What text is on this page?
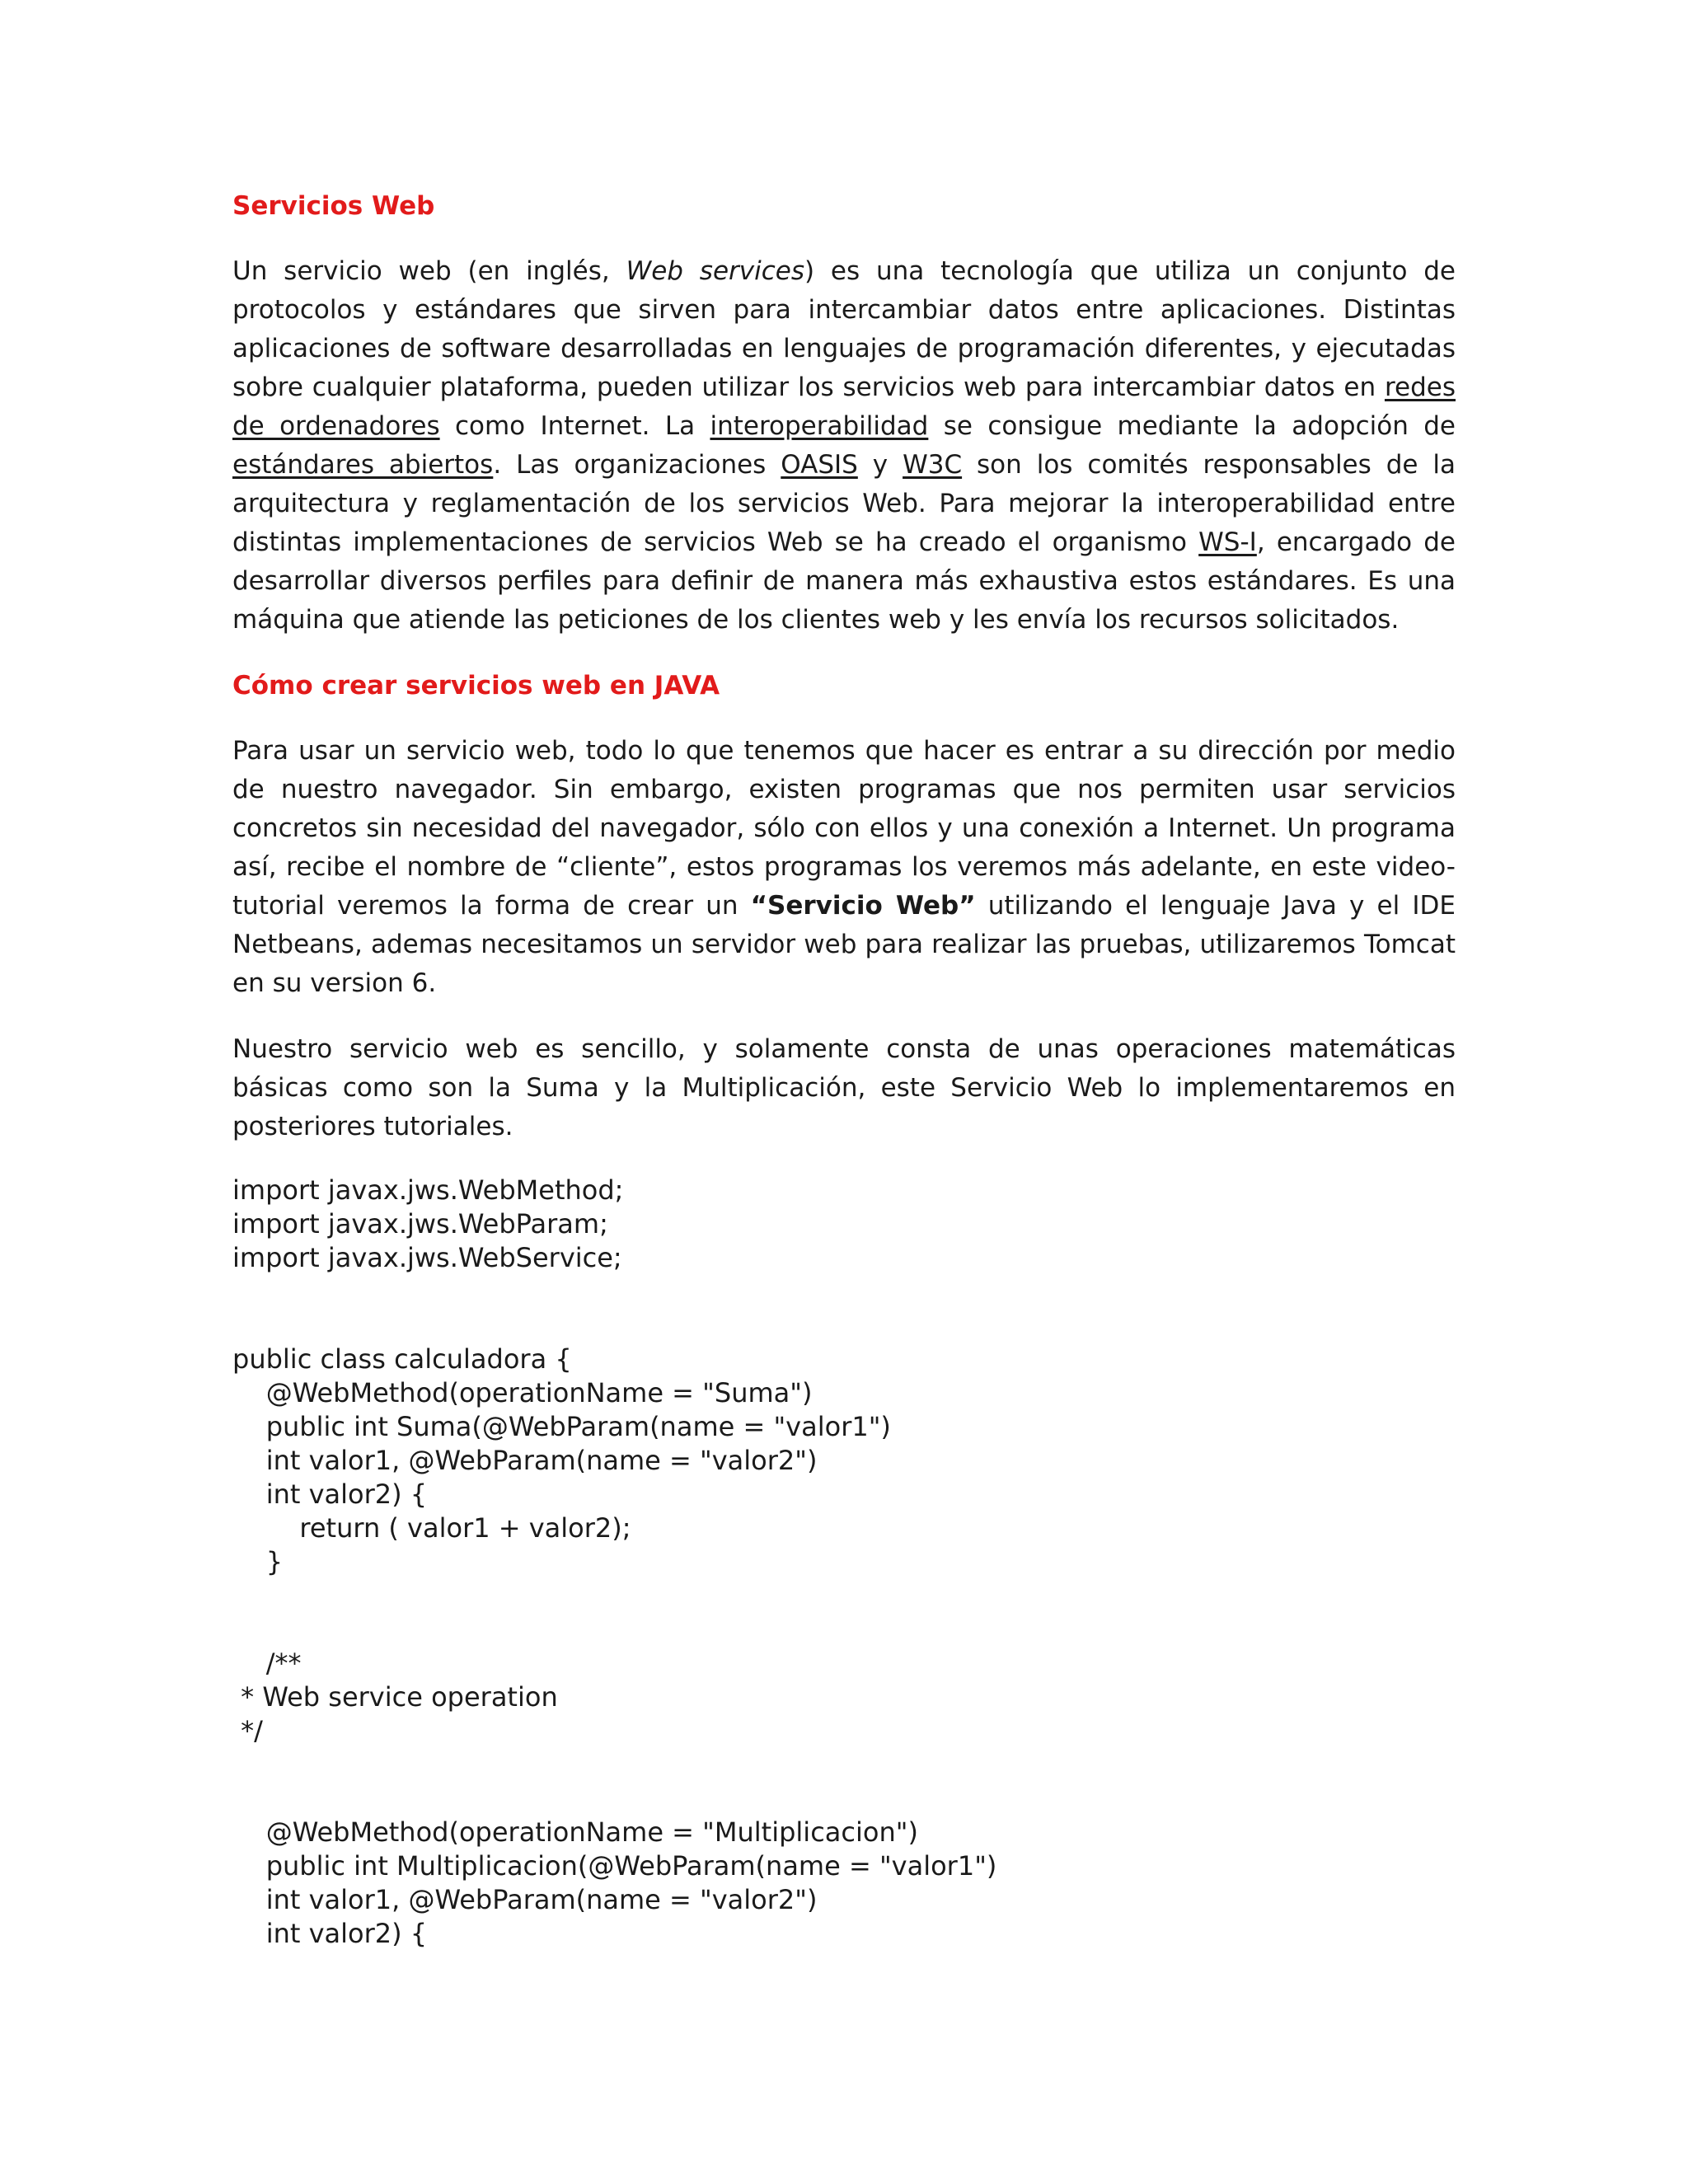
Servicios Web

Un servicio web (en inglés, Web services) es una tecnología que utiliza un conjunto de protocolos y estándares que sirven para intercambiar datos entre aplicaciones. Distintas aplicaciones de software desarrolladas en lenguajes de programación diferentes, y ejecutadas sobre cualquier plataforma, pueden utilizar los servicios web para intercambiar datos en redes de ordenadores como Internet. La interoperabilidad se consigue mediante la adopción de estándares abiertos. Las organizaciones OASIS y W3C son los comités responsables de la arquitectura y reglamentación de los servicios Web. Para mejorar la interoperabilidad entre distintas implementaciones de servicios Web se ha creado el organismo WS-I, encargado de desarrollar diversos perfiles para definir de manera más exhaustiva estos estándares. Es una máquina que atiende las peticiones de los clientes web y les envía los recursos solicitados.

Cómo crear servicios web en JAVA

Para usar un servicio web, todo lo que tenemos que hacer es entrar a su dirección por medio de nuestro navegador. Sin embargo, existen programas que nos permiten usar servicios concretos sin necesidad del navegador, sólo con ellos y una conexión a Internet. Un programa así, recibe el nombre de “cliente”, estos programas los veremos más adelante, en este video-tutorial veremos la forma de crear un “Servicio Web” utilizando el lenguaje Java y el IDE Netbeans, ademas necesitamos un servidor web para realizar las pruebas, utilizaremos Tomcat en su version 6.

Nuestro servicio web es sencillo, y solamente consta de unas operaciones matemáticas básicas como son la Suma y la Multiplicación, este Servicio Web lo implementaremos en posteriores tutoriales.

import javax.jws.WebMethod;
import javax.jws.WebParam;
import javax.jws.WebService;
public class calculadora {
@WebMethod(operationName = "Suma")
public int Suma(@WebParam(name = "valor1")
int valor1, @WebParam(name = "valor2")
int valor2) {
return ( valor1 + valor2);
}
/**
* Web service operation
*/
@WebMethod(operationName = "Multiplicacion")
public int Multiplicacion(@WebParam(name = "valor1")
int valor1, @WebParam(name = "valor2")
int valor2) {
